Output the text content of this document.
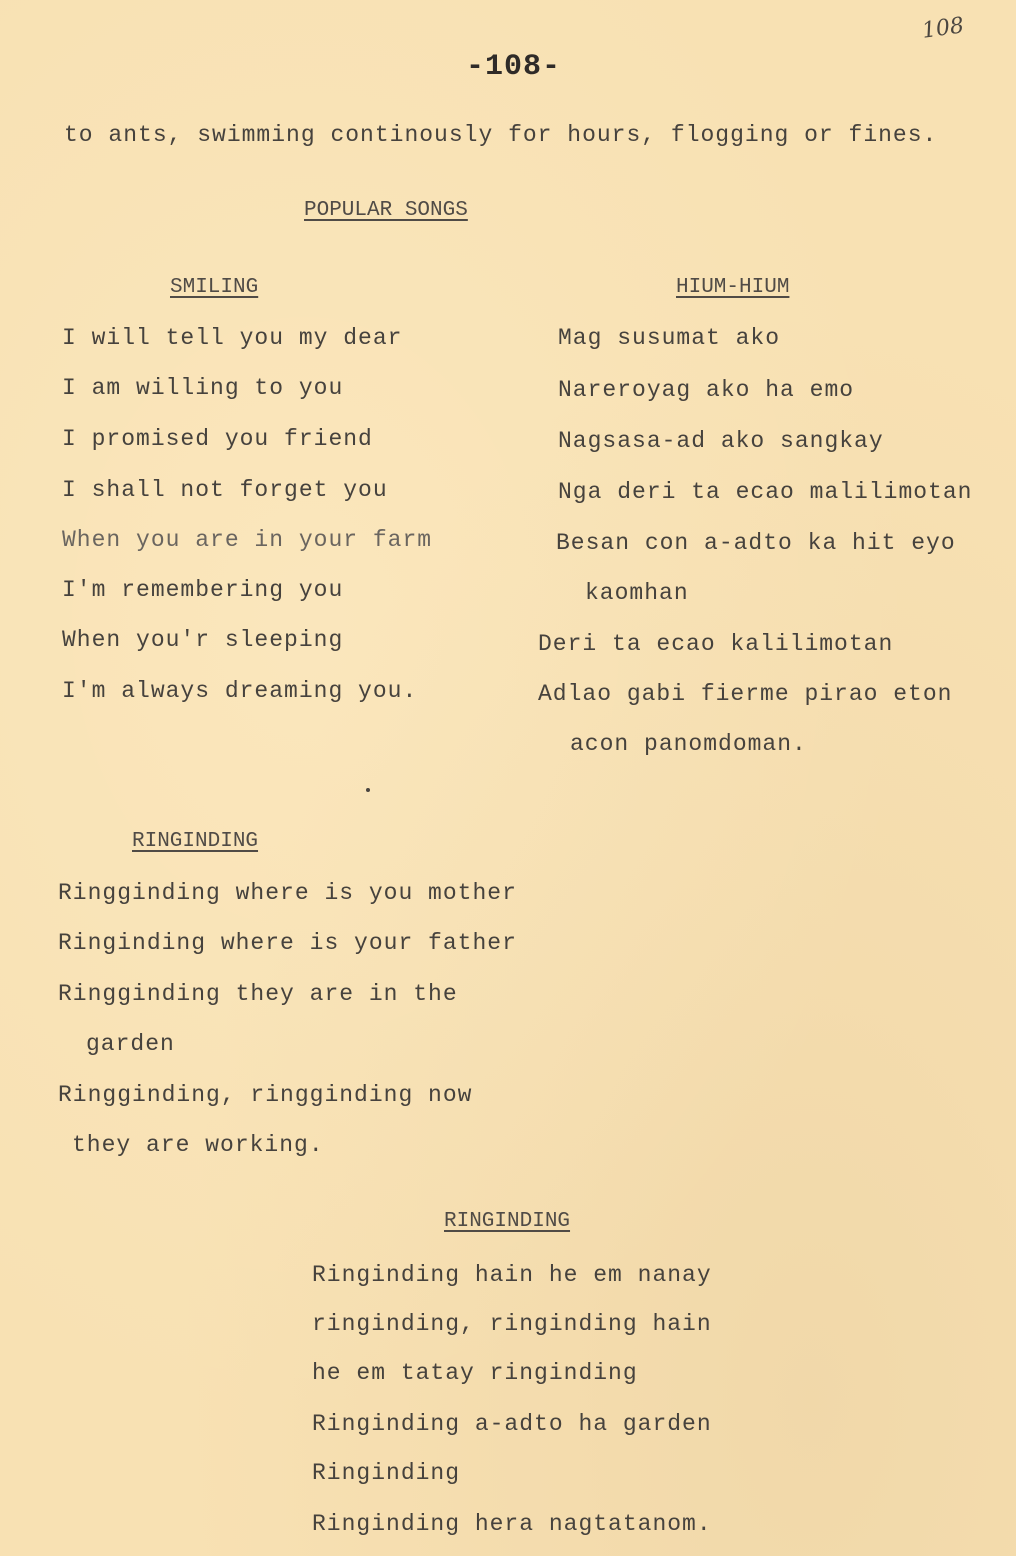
108
-108-
to ants, swimming continously for hours, flogging or fines.
POPULAR SONGS
SMILING
I will tell you my dear
I am willing to you
I promised you friend
I shall not forget you
When you are in your farm
I'm remembering you
When you'r sleeping
I'm always dreaming you.
HIUM-HIUM
Mag susumat ako
Nareroyag ako ha emo
Nagsasa-ad ako sangkay
Nga deri ta ecao malilimotan
Besan con a-adto ka hit eyo
kaomhan
Deri ta ecao kalilimotan
Adlao gabi fierme pirao eton
acon panomdoman.
RINGINDING
Ringginding where is you mother
Ringinding where is your father
Ringginding they are in the
garden
Ringginding, ringginding now
they are working.
RINGINDING
Ringinding hain he em nanay
ringinding, ringinding hain
he em tatay ringinding
Ringinding a-adto ha garden
Ringinding
Ringinding hera nagtatanom.
